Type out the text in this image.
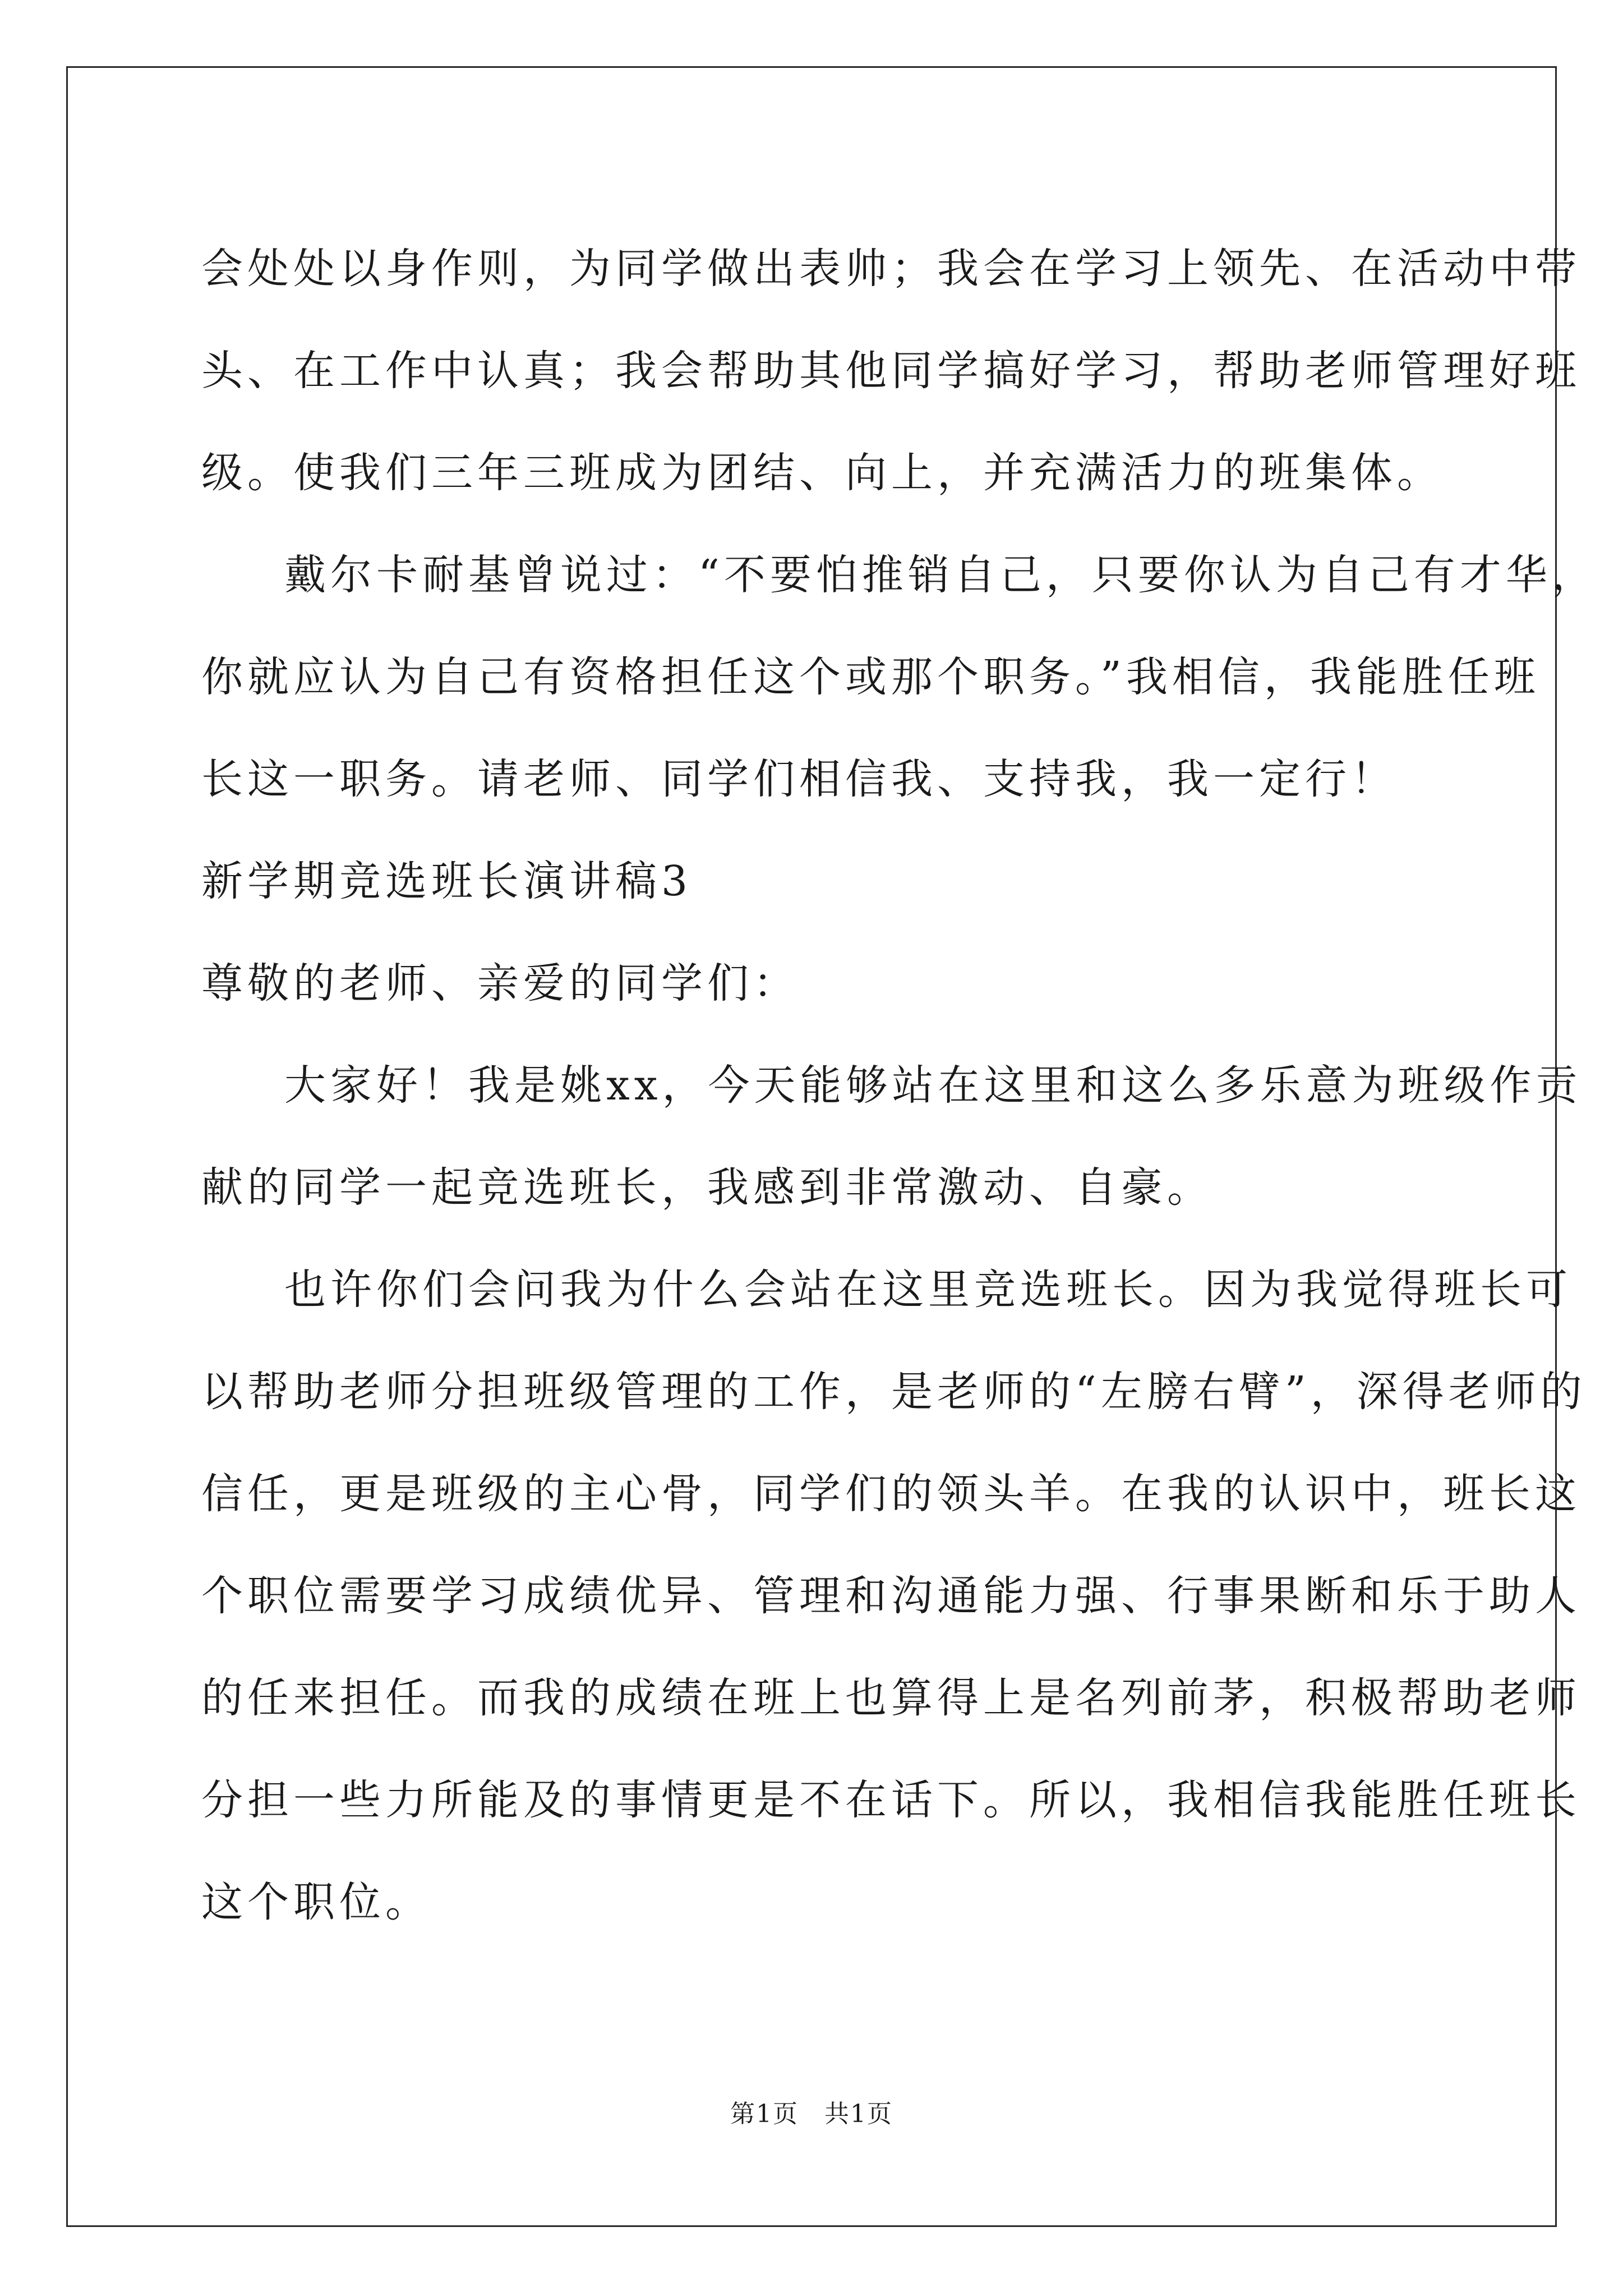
会处处以身作则，为同学做出表帅；我会在学习上领先、在活动中带

头、在工作中认真；我会帮助其他同学搞好学习，帮助老师管理好班

级。使我们三年三班成为团结、向上，并充满活力的班集体。

戴尔卡耐基曾说过：“不要怕推销自己，只要你认为自己有才华，

你就应认为自己有资格担任这个或那个职务。”我相信，我能胜任班

长这一职务。请老师、同学们相信我、支持我，我一定行！

新学期竞选班长演讲稿3

尊敬的老师、亲爱的同学们：

大家好！我是姚xx，今天能够站在这里和这么多乐意为班级作贡

献的同学一起竞选班长，我感到非常激动、自豪。

也许你们会问我为什么会站在这里竞选班长。因为我觉得班长可

以帮助老师分担班级管理的工作，是老师的“左膀右臂”，深得老师的

信任，更是班级的主心骨，同学们的领头羊。在我的认识中，班长这

个职位需要学习成绩优异、管理和沟通能力强、行事果断和乐于助人

的任来担任。而我的成绩在班上也算得上是名列前茅，积极帮助老师

分担一些力所能及的事情更是不在话下。所以，我相信我能胜任班长

这个职位。

第1页　共1页
